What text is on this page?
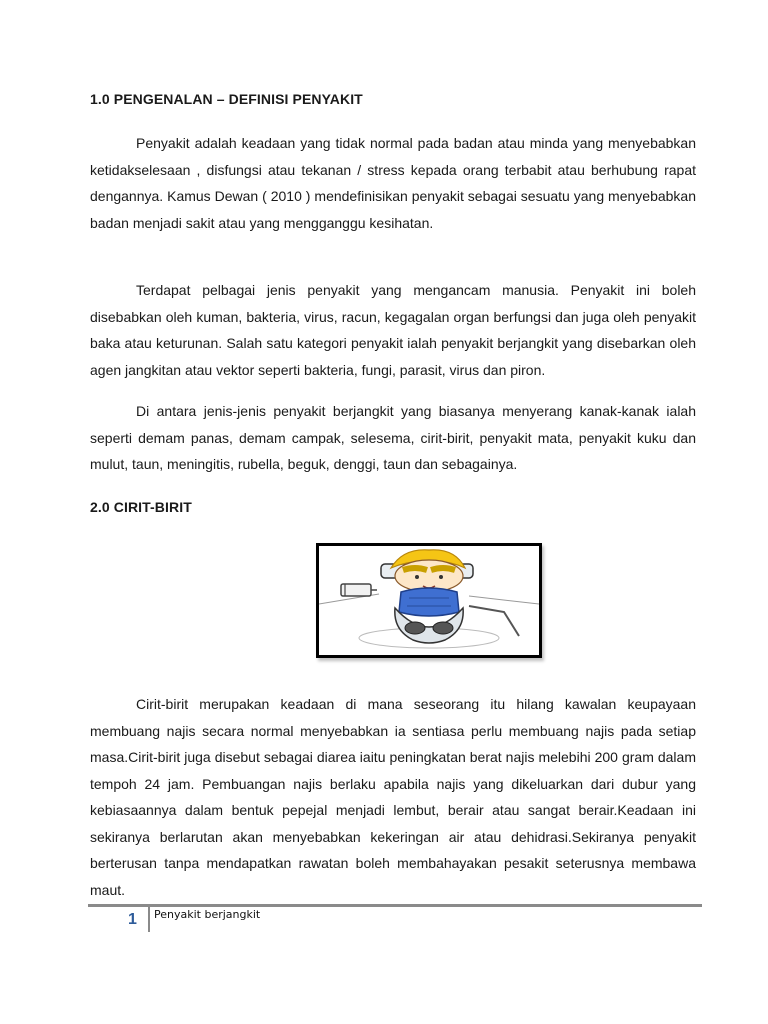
1.0 PENGENALAN – DEFINISI PENYAKIT

Penyakit adalah keadaan yang tidak normal pada badan atau minda yang menyebabkan ketidakselesaan , disfungsi atau tekanan / stress kepada orang terbabit atau berhubung rapat dengannya. Kamus Dewan ( 2010 ) mendefinisikan penyakit sebagai sesuatu yang menyebabkan badan menjadi sakit atau yang mengganggu kesihatan.

Terdapat pelbagai jenis penyakit yang mengancam manusia. Penyakit ini boleh disebabkan oleh kuman, bakteria, virus, racun, kegagalan organ berfungsi dan juga oleh penyakit baka atau keturunan. Salah satu kategori penyakit ialah penyakit berjangkit yang disebarkan oleh agen jangkitan atau vektor seperti bakteria, fungi, parasit, virus dan piron.

Di antara jenis-jenis penyakit berjangkit yang biasanya menyerang kanak-kanak ialah seperti demam panas, demam campak, selesema, cirit-birit, penyakit mata, penyakit kuku dan mulut, taun, meningitis, rubella, beguk, denggi, taun dan sebagainya.

2.0 CIRIT-BIRIT

Cirit-birit merupakan keadaan di mana seseorang itu hilang kawalan keupayaan membuang najis secara normal menyebabkan ia sentiasa perlu membuang najis pada setiap masa.Cirit-birit juga disebut sebagai diarea iaitu peningkatan berat najis melebihi 200 gram dalam tempoh 24 jam. Pembuangan najis berlaku apabila najis yang dikeluarkan dari dubur yang kebiasaannya dalam bentuk pepejal menjadi lembut, berair atau sangat berair.Keadaan ini sekiranya berlarutan akan menyebabkan kekeringan air atau dehidrasi.Sekiranya penyakit berterusan tanpa mendapatkan rawatan boleh membahayakan pesakit seterusnya membawa maut.

1 Penyakit berjangkit
